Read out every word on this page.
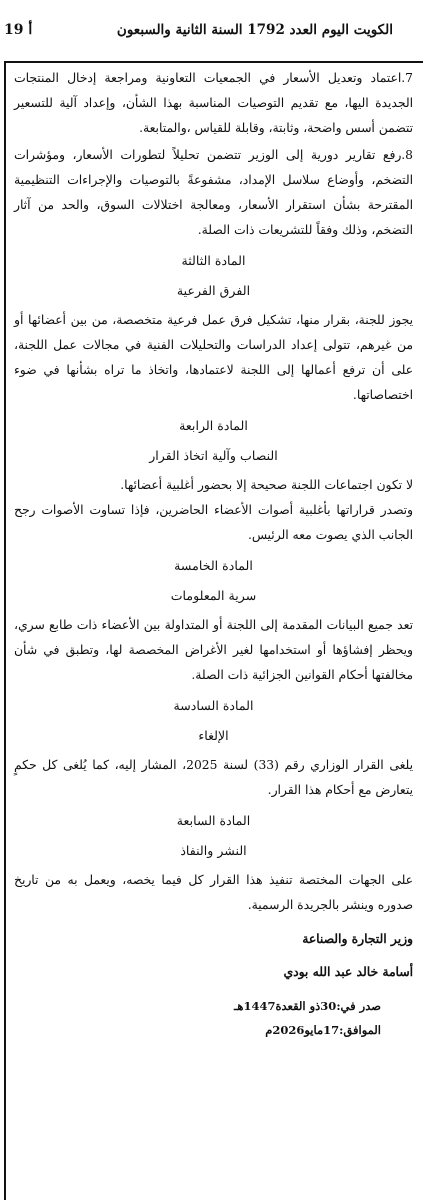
أ 19	الكويت اليوم العدد 1792 السنة الثانية والسبعون

7.اعتماد وتعديل الأسعار في الجمعيات التعاونية ومراجعة إدخال المنتجات الجديدة اليها، مع تقديم التوصيات المناسبة بهذا الشأن، وإعداد آلية للتسعير تتضمن أسس واضحة، وثابتة، وقابلة للقياس ،والمتابعة.

8.رفع تقارير دورية إلى الوزير تتضمن تحليلاً لتطورات الأسعار، ومؤشرات التضخم، وأوضاع سلاسل الإمداد، مشفوعةً بالتوصيات والإجراءات التنظيمية المقترحة بشأن استقرار الأسعار، ومعالجة اختلالات السوق، والحد من آثار التضخم، وذلك وفقاً للتشريعات ذات الصلة.

المادة الثالثة

الفرق الفرعية

يجوز للجنة، بقرار منها، تشكيل فرق عمل فرعية متخصصة، من بين أعضائها أو من غيرهم، تتولى إعداد الدراسات والتحليلات الفنية في مجالات عمل اللجنة، على أن ترفع أعمالها إلى اللجنة لاعتمادها، واتخاذ ما تراه بشأنها في ضوء اختصاصاتها.

المادة الرابعة

النصاب وآلية اتخاذ القرار

لا تكون اجتماعات اللجنة صحيحة إلا بحضور أغلبية أعضائها.

وتصدر قراراتها بأغلبية أصوات الأعضاء الحاضرين، فإذا تساوت الأصوات رجح الجانب الذي يصوت معه الرئيس.

المادة الخامسة

سرية المعلومات

تعد جميع البيانات المقدمة إلى اللجنة أو المتداولة بين الأعضاء ذات طابع سري، ويحظر إفشاؤها أو استخدامها لغير الأغراض المخصصة لها، وتطبق في شأن مخالفتها أحكام القوانين الجزائية ذات الصلة.

المادة السادسة

الإلغاء

يلغى القرار الوزاري رقم (33) لسنة 2025، المشار إليه، كما يُلغى كل حكمٍ يتعارض مع أحكام هذا القرار.

المادة السابعة

النشر والنفاذ

على الجهات المختصة تنفيذ هذا القرار كل فيما يخصه، ويعمل به من تاريخ صدوره وينشر بالجريدة الرسمية.

وزير التجارة والصناعة

أسامة خالد عبد الله بودي

صدر في:30ذو القعدة1447هـ

الموافق:17مايو2026م
